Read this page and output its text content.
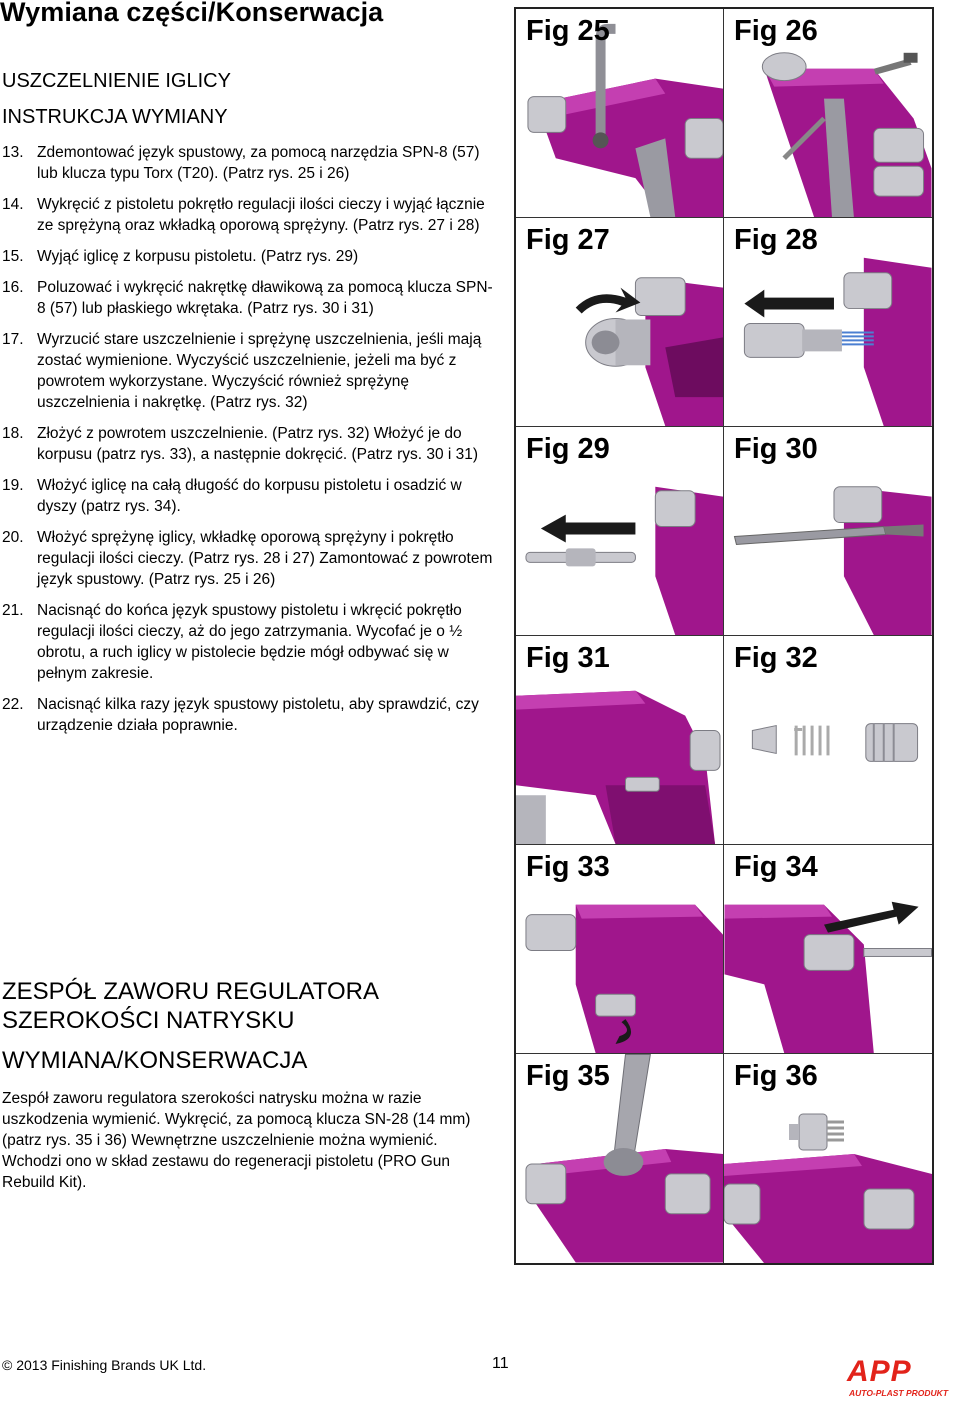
Wymiana części/Konserwacja
USZCZELNIENIE IGLICY
INSTRUKCJA WYMIANY
13. Zdemontować język spustowy, za pomocą narzędzia SPN-8 (57) lub klucza typu Torx (T20). (Patrz rys. 25 i 26)
14. Wykręcić z pistoletu pokrętło regulacji ilości cieczy i wyjąć łącznie ze sprężyną oraz wkładką oporową sprężyny. (Patrz rys. 27 i 28)
15. Wyjąć iglicę z korpusu pistoletu. (Patrz rys. 29)
16. Poluzować i wykręcić nakrętkę dławikową za pomocą klucza SPN-8 (57) lub płaskiego wkrętaka. (Patrz rys. 30 i 31)
17. Wyrzucić stare uszczelnienie i sprężynę uszczelnienia, jeśli mają zostać wymienione. Wyczyścić uszczelnienie, jeżeli ma być z powrotem wykorzystane. Wyczyścić również sprężynę uszczelnienia i nakrętkę. (Patrz rys. 32)
18. Złożyć z powrotem uszczelnienie. (Patrz rys. 32) Włożyć je do korpusu (patrz rys. 33), a następnie dokręcić. (Patrz rys. 30 i 31)
19. Włożyć iglicę na całą długość do korpusu pistoletu i osadzić w dyszy (patrz rys. 34).
20. Włożyć sprężynę iglicy, wkładkę oporową sprężyny i pokrętło regulacji ilości cieczy. (Patrz rys. 28 i 27) Zamontować z powrotem język spustowy. (Patrz rys. 25 i 26)
21. Nacisnąć do końca język spustowy pistoletu i wkręcić pokrętło regulacji ilości cieczy, aż do jego zatrzymania. Wycofać je o ½ obrotu, a ruch iglicy w pistolecie będzie mógł odbywać się w pełnym zakresie.
22. Nacisnąć kilka razy język spustowy pistoletu, aby sprawdzić, czy urządzenie działa poprawnie.
ZESPÓŁ ZAWORU REGULATORA SZEROKOŚCI NATRYSKU
WYMIANA/KONSERWACJA
Zespół zaworu regulatora szerokości natrysku można w razie uszkodzenia wymienić. Wykręcić, za pomocą klucza SN-28 (14 mm) (patrz rys. 35 i 36) Wewnętrzne uszczelnienie można wymienić. Wchodzi ono w skład zestawu do regeneracji pistoletu (PRO Gun Rebuild Kit).
Fig 25	Fig 26
Fig 27	Fig 28
Fig 29	Fig 30
Fig 31	Fig 32
Fig 33	Fig 34
Fig 35	Fig 36
© 2013 Finishing Brands UK Ltd.	11	APP
AUTO-PLAST PRODUKT
